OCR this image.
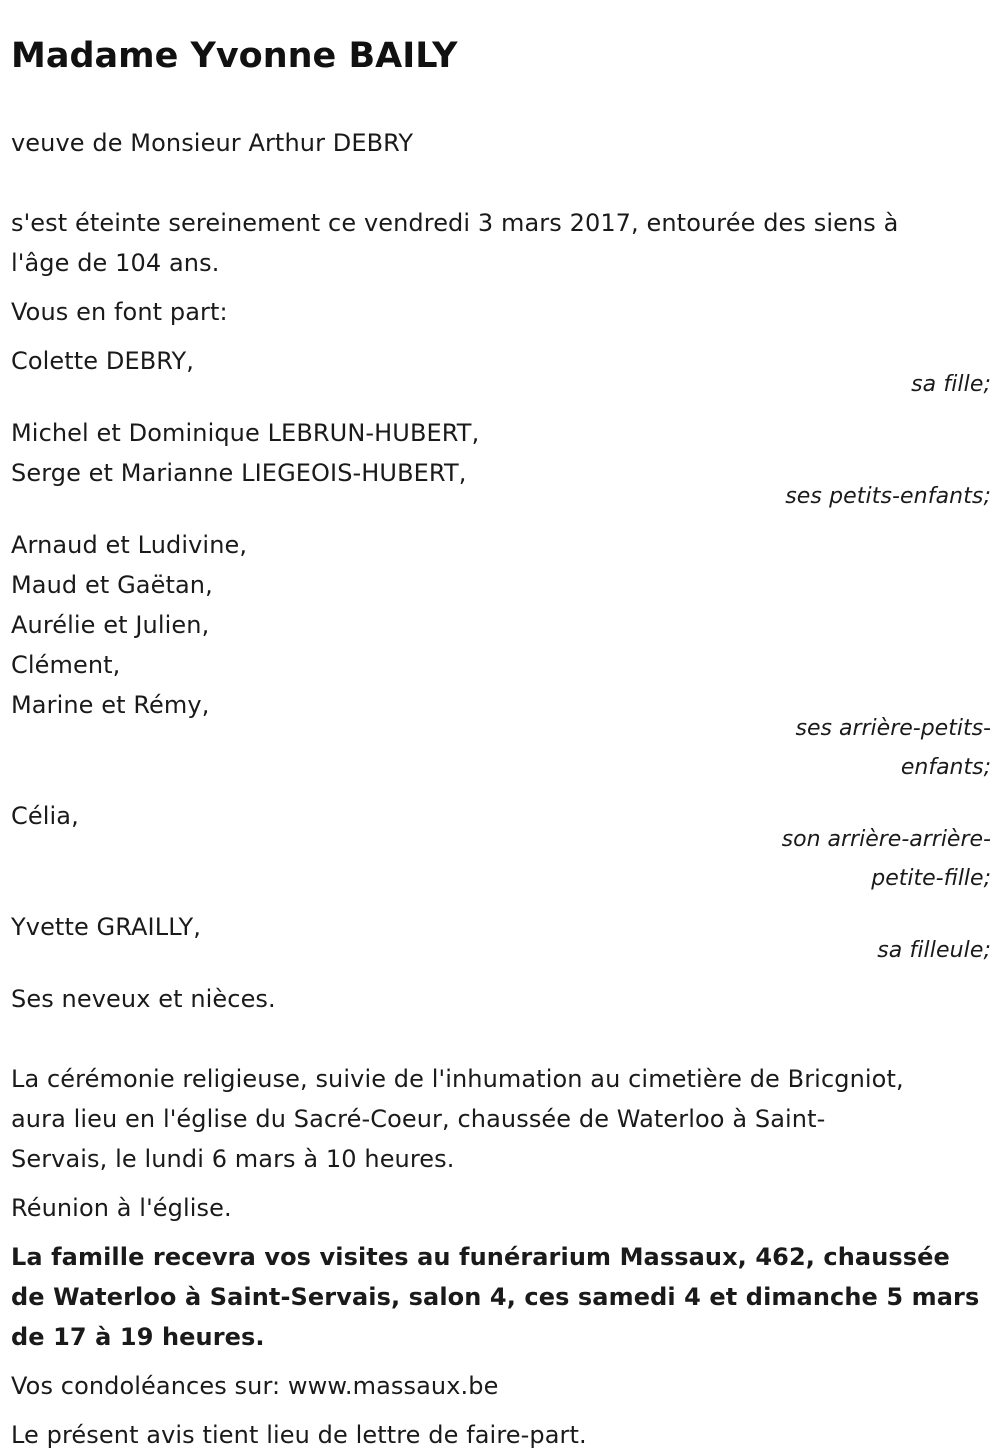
Madame Yvonne BAILY

veuve de Monsieur Arthur DEBRY

s'est éteinte sereinement ce vendredi 3 mars 2017, entourée des siens à

l'âge de 104 ans.

Vous en font part:

Colette DEBRY,

sa fille;

Michel et Dominique LEBRUN-HUBERT,

Serge et Marianne LIEGEOIS-HUBERT,

ses petits-enfants;

Arnaud et Ludivine,

Maud et Gaëtan,

Aurélie et Julien,

Clément,

Marine et Rémy,

ses arrière-petits-
enfants;

Célia,

son arrière-arrière-
petite-fille;

Yvette GRAILLY,

sa filleule;

Ses neveux et nièces.

La cérémonie religieuse, suivie de l'inhumation au cimetière de Bricgniot,

aura lieu en l'église du Sacré-Coeur, chaussée de Waterloo à Saint-

Servais, le lundi 6 mars à 10 heures.

Réunion à l'église.

La famille recevra vos visites au funérarium Massaux, 462, chaussée

de Waterloo à Saint-Servais, salon 4, ces samedi 4 et dimanche 5 mars

de 17 à 19 heures.

Vos condoléances sur: www.massaux.be

Le présent avis tient lieu de lettre de faire-part.
